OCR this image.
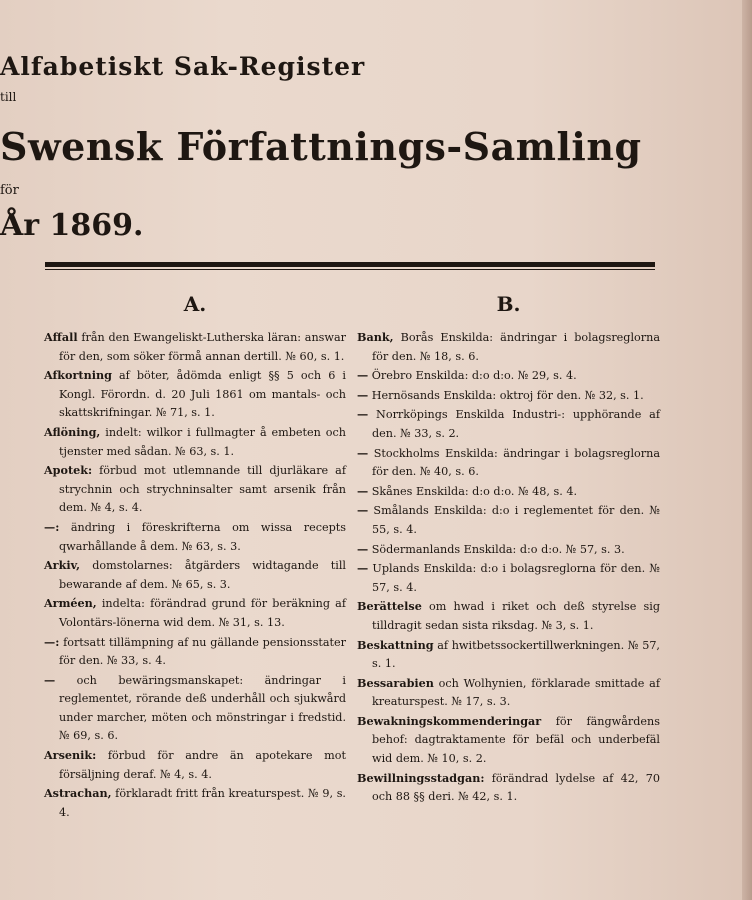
Alfabetiskt Sak-Register
till
Swensk Författnings-Samling
för
År 1869.
A.
Affall från den Ewangeliskt-Lutherska läran: answar för den, som söker förmå annan dertill. № 60, s. 1.
Afkortning af böter, ådömda enligt §§ 5 och 6 i Kongl. Förordn. d. 20 Juli 1861 om mantals- och skattskrifningar. № 71, s. 1.
Aflöning, indelt: wilkor i fullmagter å embeten och tjenster med sådan. № 63, s. 1.
Apotek: förbud mot utlemnande till djurläkare af strychnin och strychninsalter samt arsenik från dem. № 4, s. 4.
—: ändring i föreskrifterna om wissa recepts qwarhållande å dem. № 63, s. 3.
Arkiv, domstolarnes: åtgärders widtagande till bewarande af dem. № 65, s. 3.
Arméen, indelta: förändrad grund för beräkning af Volontärs-lönerna wid dem. № 31, s. 13.
—: fortsatt tillämpning af nu gällande pensionsstater för den. № 33, s. 4.
— och bewäringsmanskapet: ändringar i reglementet, rörande deß underhåll och sjukwård under marcher, möten och mönstringar i fredstid. № 69, s. 6.
Arsenik: förbud för andre än apotekare mot försäljning deraf. № 4, s. 4.
Astrachan, förklaradt fritt från kreaturspest. № 9, s. 4.
B.
Bank, Borås Enskilda: ändringar i bolagsreglorna för den. № 18, s. 6.
— Örebro Enskilda: d:o d:o. № 29, s. 4.
— Hernösands Enskilda: oktroj för den. № 32, s. 1.
— Norrköpings Enskilda Industri-: upphörande af den. № 33, s. 2.
— Stockholms Enskilda: ändringar i bolagsreglorna för den. № 40, s. 6.
— Skånes Enskilda: d:o d:o. № 48, s. 4.
— Smålands Enskilda: d:o i reglementet för den. № 55, s. 4.
— Södermanlands Enskilda: d:o d:o. № 57, s. 3.
— Uplands Enskilda: d:o i bolagsreglorna för den. № 57, s. 4.
Berättelse om hwad i riket och deß styrelse sig tilldragit sedan sista riksdag. № 3, s. 1.
Beskattning af hwitbetssockertillwerkningen. № 57, s. 1.
Bessarabien och Wolhynien, förklarade smittade af kreaturspest. № 17, s. 3.
Bewakningskommenderingar för fängwårdens behof: dagtraktamente för befäl och underbefäl wid dem. № 10, s. 2.
Bewillningsstadgan: förändrad lydelse af 42, 70 och 88 §§ deri. № 42, s. 1.
